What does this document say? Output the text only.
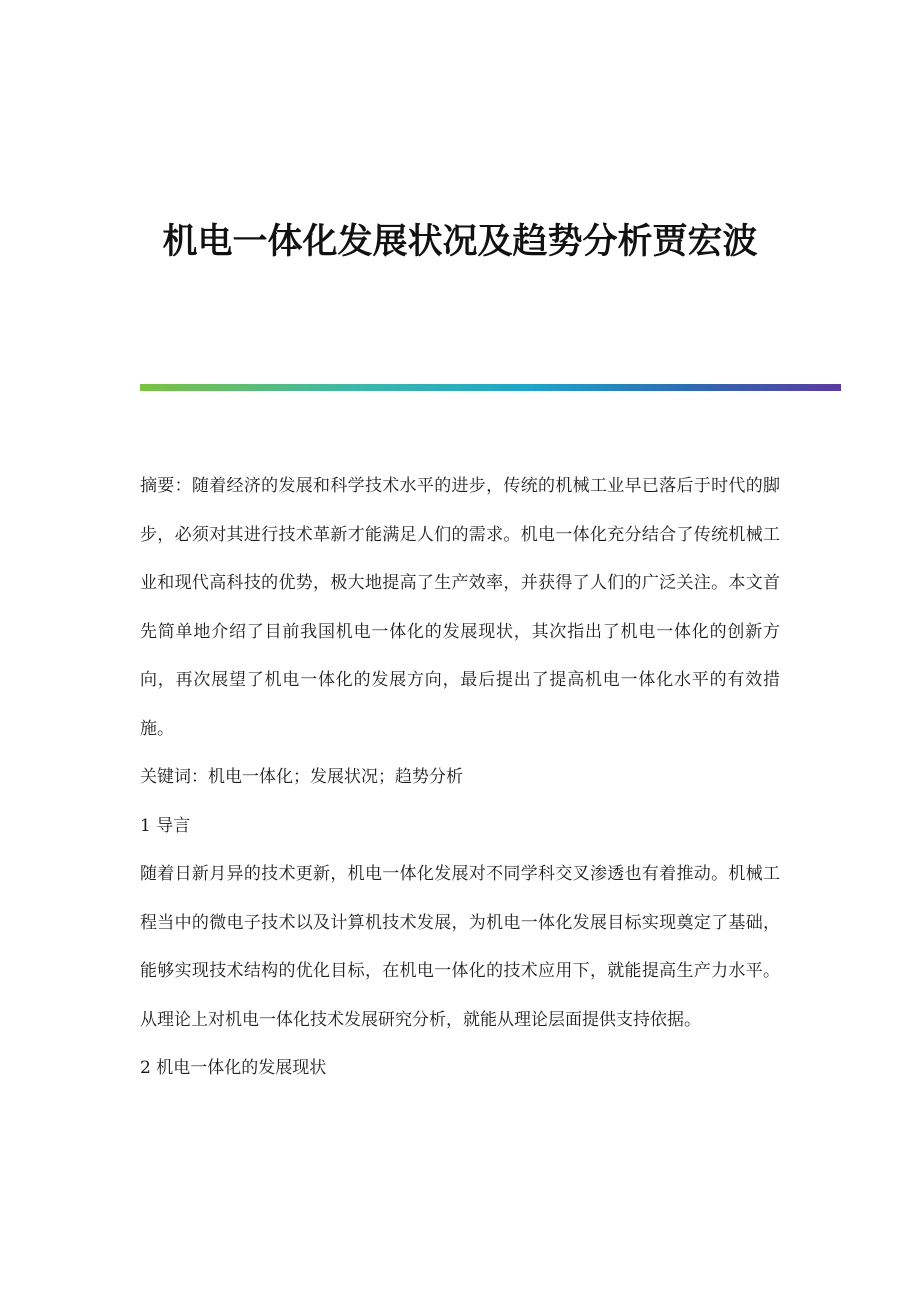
机电一体化发展状况及趋势分析贾宏波

摘要：随着经济的发展和科学技术水平的进步，传统的机械工业早已落后于时代的脚步，必须对其进行技术革新才能满足人们的需求。机电一体化充分结合了传统机械工业和现代高科技的优势，极大地提高了生产效率，并获得了人们的广泛关注。本文首先简单地介绍了目前我国机电一体化的发展现状，其次指出了机电一体化的创新方向，再次展望了机电一体化的发展方向，最后提出了提高机电一体化水平的有效措施。

关键词：机电一体化；发展状况；趋势分析

1 导言

随着日新月异的技术更新，机电一体化发展对不同学科交叉渗透也有着推动。机械工程当中的微电子技术以及计算机技术发展，为机电一体化发展目标实现奠定了基础，能够实现技术结构的优化目标，在机电一体化的技术应用下，就能提高生产力水平。从理论上对机电一体化技术发展研究分析，就能从理论层面提供支持依据。

2 机电一体化的发展现状
